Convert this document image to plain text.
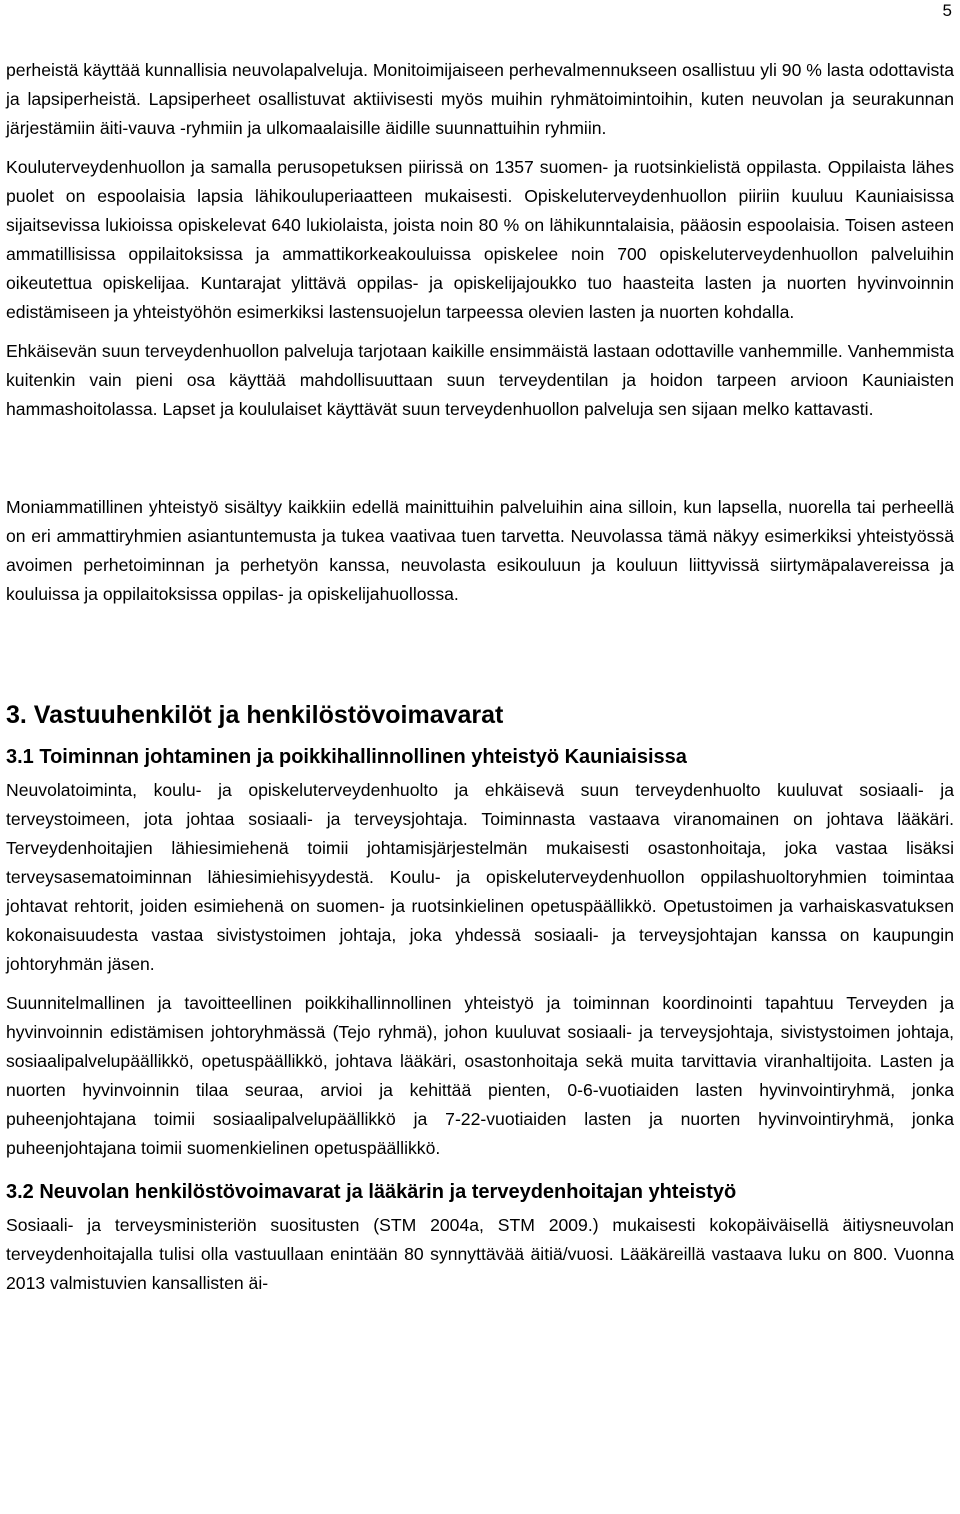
5

perheistä käyttää kunnallisia neuvolapalveluja. Monitoimijaiseen perhevalmennukseen osallistuu yli 90 % lasta odottavista ja lapsiperheistä. Lapsiperheet osallistuvat aktiivisesti myös muihin ryhmätoimintoihin, kuten neuvolan ja seurakunnan järjestämiin äiti-vauva -ryhmiin ja ulkomaalaisille äidille suunnattuihin ryhmiin.

Kouluterveydenhuollon ja samalla perusopetuksen piirissä on 1357 suomen- ja ruotsinkielistä oppilasta. Oppilaista lähes puolet on espoolaisia lapsia lähikouluperiaatteen mukaisesti. Opiskeluterveydenhuollon piiriin kuuluu Kauniaisissa sijaitsevissa lukioissa opiskelevat 640 lukiolaista, joista noin 80 % on lähikunntalaisia, pääosin espoolaisia. Toisen asteen ammatillisissa oppilaitoksissa ja ammattikorkeakouluissa opiskelee noin 700 opiskeluterveydenhuollon palveluihin oikeutettua opiskelijaa. Kuntarajat ylittävä oppilas- ja opiskelijajoukko tuo haasteita lasten ja nuorten hyvinvoinnin edistämiseen ja yhteistyöhön esimerkiksi lastensuojelun tarpeessa olevien lasten ja nuorten kohdalla.

Ehkäisevän suun terveydenhuollon palveluja tarjotaan kaikille ensimmäistä lastaan odottaville vanhemmille. Vanhemmista kuitenkin vain pieni osa käyttää mahdollisuuttaan suun terveydentilan ja hoidon tarpeen arvioon Kauniaisten hammashoitolassa. Lapset ja koululaiset käyttävät suun terveydenhuollon palveluja sen sijaan melko kattavasti.

Moniammatillinen yhteistyö sisältyy kaikkiin edellä mainittuihin palveluihin aina silloin, kun lapsella, nuorella tai perheellä on eri ammattiryhmien asiantuntemusta ja tukea vaativaa tuen tarvetta. Neuvolassa tämä näkyy esimerkiksi yhteistyössä avoimen perhetoiminnan ja perhetyön kanssa, neuvolasta esikouluun ja kouluun liittyvissä siirtymäpalavereissa ja kouluissa ja oppilaitoksissa oppilas- ja opiskelijahuollossa.

3. Vastuuhenkilöt ja henkilöstövoimavarat
3.1 Toiminnan johtaminen ja poikkihallinnollinen yhteistyö Kauniaisissa

Neuvolatoiminta, koulu- ja opiskeluterveydenhuolto ja ehkäisevä suun terveydenhuolto kuuluvat sosiaali- ja terveystoimeen, jota johtaa sosiaali- ja terveysjohtaja. Toiminnasta vastaava viranomainen on johtava lääkäri. Terveydenhoitajien lähiesimiehenä toimii johtamisjärjestelmän mukaisesti osastonhoitaja, joka vastaa lisäksi terveysasematoiminnan lähiesimiehisyydestä. Koulu- ja opiskeluterveydenhuollon oppilashuoltoryhmien toimintaa johtavat rehtorit, joiden esimiehenä on suomen- ja ruotsinkielinen opetuspäällikkö. Opetustoimen ja varhaiskasvatuksen kokonaisuudesta vastaa sivistystoimen johtaja, joka yhdessä sosiaali- ja terveysjohtajan kanssa on kaupungin johtoryhmän jäsen.

Suunnitelmallinen ja tavoitteellinen poikkihallinnollinen yhteistyö ja toiminnan koordinointi tapahtuu Terveyden ja hyvinvoinnin edistämisen johtoryhmässä (Tejo ryhmä), johon kuuluvat sosiaali- ja terveysjohtaja, sivistystoimen johtaja, sosiaalipalvelupäällikkö, opetuspäällikkö, johtava lääkäri, osastonhoitaja sekä muita tarvittavia viranhaltijoita. Lasten ja nuorten hyvinvoinnin tilaa seuraa, arvioi ja kehittää pienten, 0-6-vuotiaiden lasten hyvinvointiryhmä, jonka puheenjohtajana toimii sosiaalipalvelupäällikkö ja 7-22-vuotiaiden lasten ja nuorten hyvinvointiryhmä, jonka puheenjohtajana toimii suomenkielinen opetuspäällikkö.

3.2 Neuvolan henkilöstövoimavarat ja lääkärin ja terveydenhoitajan yhteistyö

Sosiaali- ja terveysministeriön suositusten (STM 2004a, STM 2009.) mukaisesti kokopäiväisellä äitiysneuvolan terveydenhoitajalla tulisi olla vastuullaan enintään 80 synnyttävää äitiä/vuosi. Lääkäreillä vastaava luku on 800. Vuonna 2013 valmistuvien kansallisten äi-
